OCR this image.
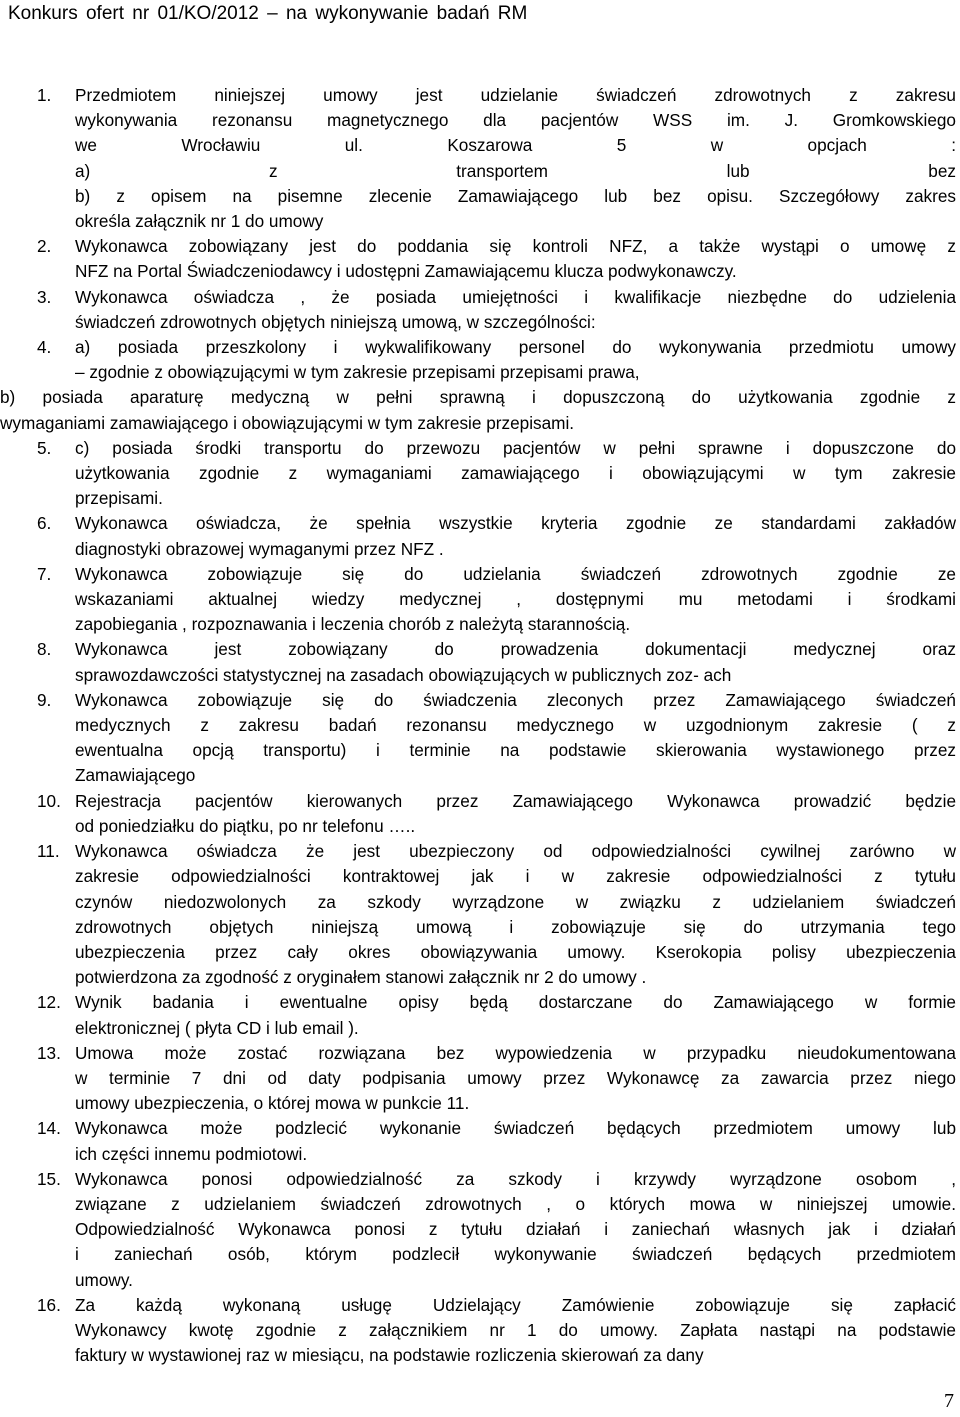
Konkurs ofert nr 01/KO/2012 – na wykonywanie badań RM
1. Przedmiotem niniejszej umowy jest udzielanie świadczeń zdrowotnych z zakresu
wykonywania rezonansu magnetycznego dla pacjentów WSS im. J. Gromkowskiego
we Wrocławiu ul. Koszarowa 5 w opcjach :
a) z transportem lub bez
b) z opisem na pisemne zlecenie Zamawiającego lub bez opisu. Szczegółowy zakres
określa załącznik nr 1 do umowy
2. Wykonawca zobowiązany jest do poddania się kontroli NFZ, a także wystąpi o umowę z
NFZ na Portal Świadczeniodawcy i udostępni Zamawiającemu klucza podwykonawczy.
3. Wykonawca oświadcza , że posiada umiejętności i kwalifikacje niezbędne do udzielenia
świadczeń zdrowotnych objętych niniejszą umową, w szczególności:
4. a) posiada przeszkolony i wykwalifikowany personel do wykonywania przedmiotu umowy
– zgodnie z obowiązującymi w tym zakresie przepisami przepisami prawa,
b) posiada aparaturę medyczną w pełni sprawną i dopuszczoną do użytkowania zgodnie z
wymaganiami zamawiającego i obowiązującymi w tym zakresie przepisami.
5. c) posiada środki transportu do przewozu pacjentów w pełni sprawne i dopuszczone do
użytkowania zgodnie z wymaganiami zamawiającego i obowiązującymi w tym zakresie
przepisami.
6. Wykonawca oświadcza, że spełnia wszystkie kryteria zgodnie ze standardami zakładów
diagnostyki obrazowej wymaganymi przez NFZ .
7. Wykonawca zobowiązuje się do udzielania świadczeń zdrowotnych zgodnie ze
wskazaniami aktualnej wiedzy medycznej , dostępnymi mu metodami i środkami
zapobiegania , rozpoznawania i leczenia chorób z należytą starannością.
8. Wykonawca jest zobowiązany do prowadzenia dokumentacji medycznej oraz
sprawozdawczości statystycznej na zasadach obowiązujących w publicznych zoz- ach
9. Wykonawca zobowiązuje się do świadczenia zleconych przez Zamawiającego świadczeń
medycznych z zakresu badań rezonansu medycznego w uzgodnionym zakresie ( z
ewentualna opcją transportu) i terminie na podstawie skierowania wystawionego przez
Zamawiającego
10. Rejestracja pacjentów kierowanych przez Zamawiającego Wykonawca prowadzić będzie
od poniedziałku do piątku, po nr telefonu …..
11. Wykonawca oświadcza że jest ubezpieczony od odpowiedzialności cywilnej zarówno w
zakresie odpowiedzialności kontraktowej jak i w zakresie odpowiedzialności z tytułu
czynów niedozwolonych za szkody wyrządzone w związku z udzielaniem świadczeń
zdrowotnych objętych niniejszą umową i zobowiązuje się do utrzymania tego
ubezpieczenia przez cały okres obowiązywania umowy. Kserokopia polisy ubezpieczenia
potwierdzona za zgodność z oryginałem stanowi załącznik nr 2 do umowy .
12. Wynik badania i ewentualne opisy będą dostarczane do Zamawiającego w formie
elektronicznej ( płyta CD i lub email ).
13. Umowa może zostać rozwiązana bez wypowiedzenia w przypadku nieudokumentowana
w terminie 7 dni od daty podpisania umowy przez Wykonawcę za zawarcia przez niego
umowy ubezpieczenia, o której mowa w punkcie 11.
14. Wykonawca może podzlecić wykonanie świadczeń będących przedmiotem umowy lub
ich części innemu podmiotowi.
15. Wykonawca ponosi odpowiedzialność za szkody i krzywdy wyrządzone osobom ,
związane z udzielaniem świadczeń zdrowotnych , o których mowa w niniejszej umowie.
Odpowiedzialność Wykonawca ponosi z tytułu działań i zaniechań własnych jak i działań
i zaniechań osób, którym podzlecił wykonywanie świadczeń będących przedmiotem
umowy.
16. Za każdą wykonaną usługę Udzielający Zamówienie zobowiązuje się zapłacić
Wykonawcy kwotę zgodnie z załącznikiem nr 1 do umowy. Zapłata nastąpi na podstawie
faktury w wystawionej raz w miesiącu, na podstawie rozliczenia skierowań za dany
7
